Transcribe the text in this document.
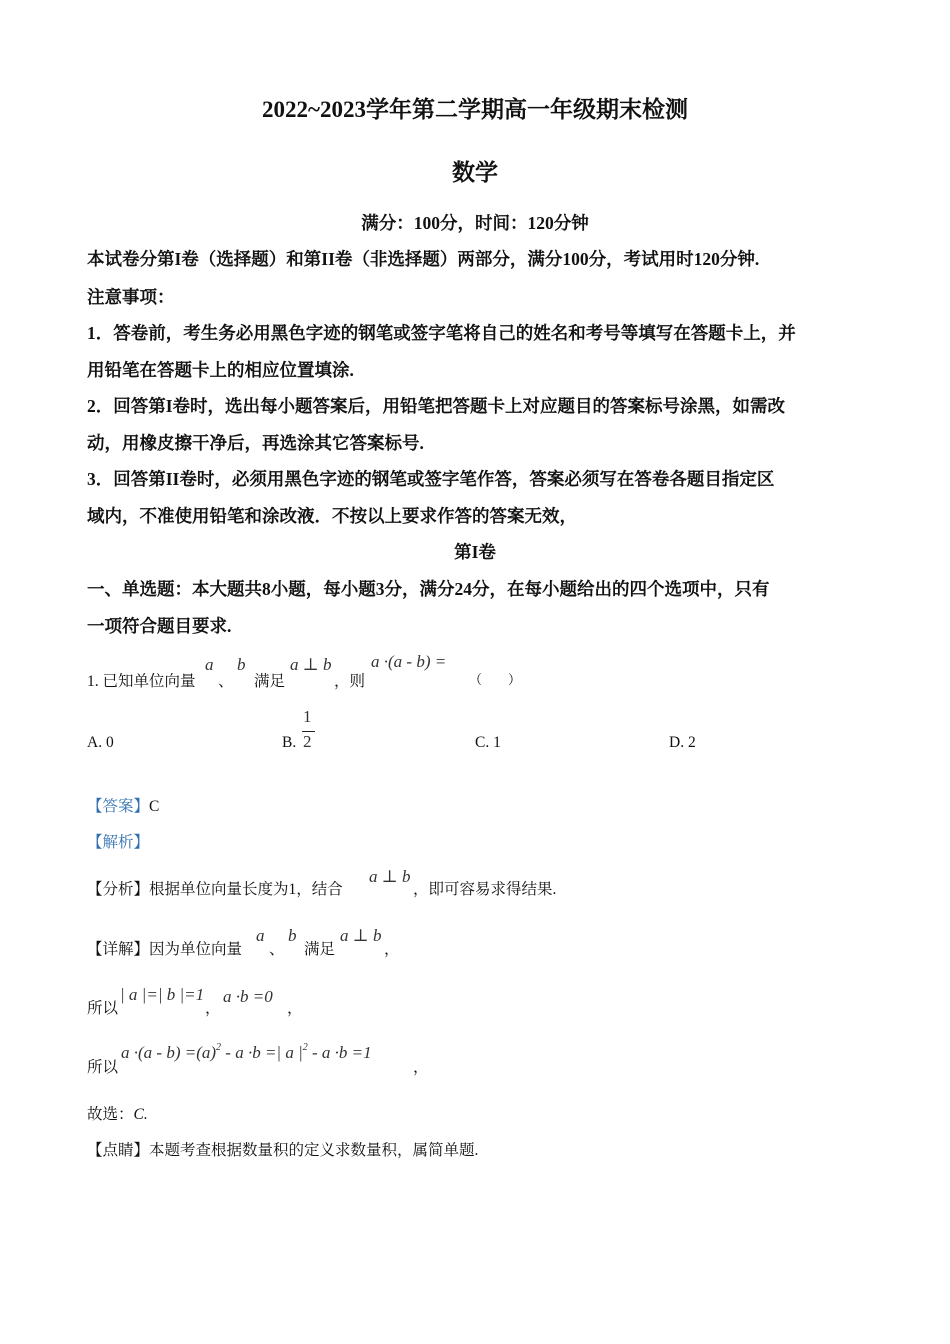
2022~2023学年第二学期高一年级期末检测
数学
满分：100分，时间：120分钟
本试卷分第I卷（选择题）和第II卷（非选择题）两部分，满分100分，考试用时120分钟.
注意事项：
1．答卷前，考生务必用黑色字迹的钢笔或签字笔将自己的姓名和考号等填写在答题卡上，并
用铅笔在答题卡上的相应位置填涂.
2．回答第I卷时，选出每小题答案后，用铅笔把答题卡上对应题目的答案标号涂黑，如需改
动，用橡皮擦干净后，再选涂其它答案标号.
3．回答第II卷时，必须用黑色字迹的钢笔或签字笔作答，答案必须写在答卷各题目指定区
域内，不准使用铅笔和涂改液．不按以上要求作答的答案无效，
第I卷
一、单选题：本大题共8小题，每小题3分，满分24分，在每小题给出的四个选项中，只有
一项符合题目要求.
1. 已知单位向量
a
、
b
满足
a ⊥ b
，则
a ·(a - b) =
（　　）
A. 0	B.
1
2	C. 1	D. 2
【答案】C
【解析】
【分析】根据单位向量长度为1，结合
a ⊥ b
，即可容易求得结果.
【详解】因为单位向量
a
、
b
满足
a ⊥ b
，
所以
| a |=| b |=1
，
a ·b =0
，
所以
$a \cdot(a - b) =(a)^2 - a \cdot b$ =| a $|^2 - a \cdot b =1$
，
故选：C.
【点睛】本题考查根据数量积的定义求数量积，属简单题.
